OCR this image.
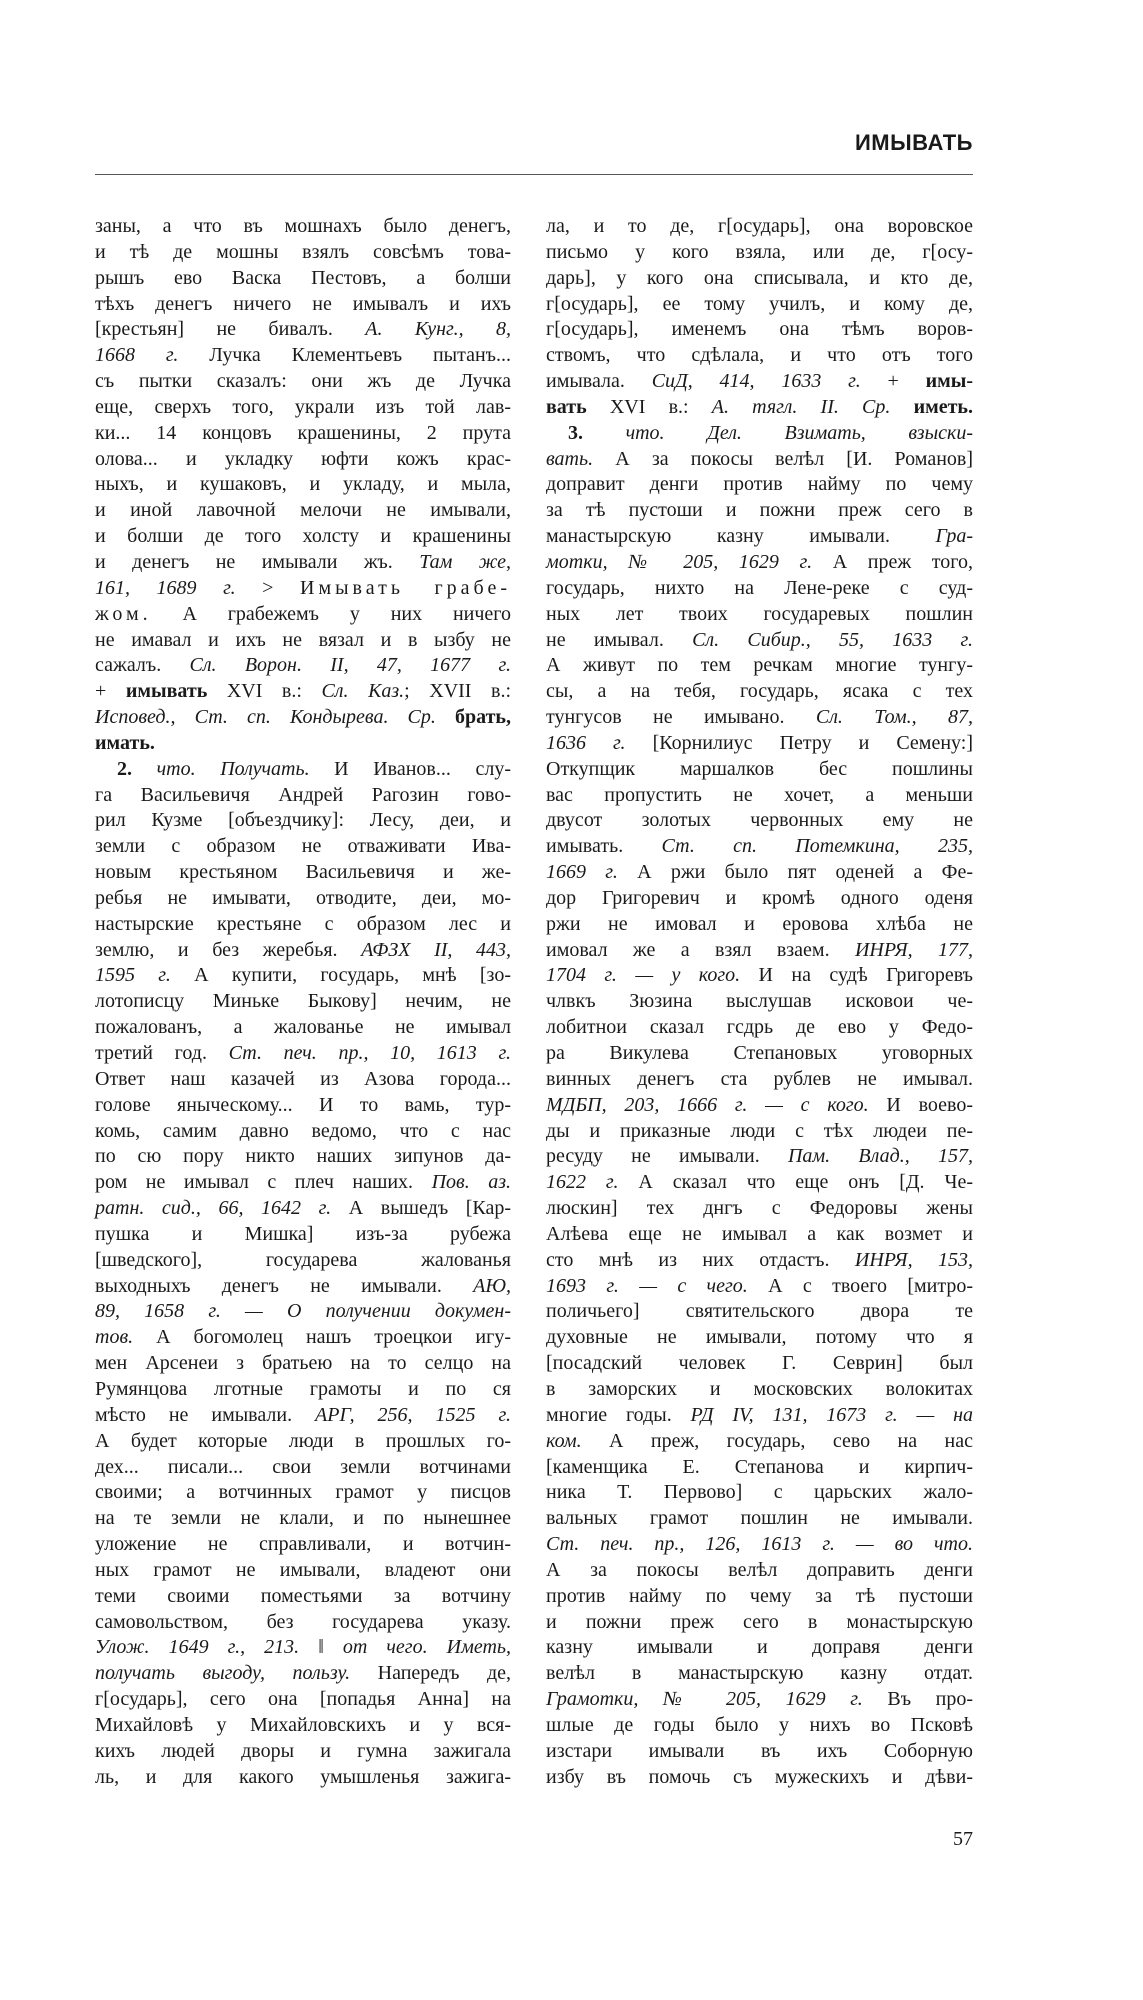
ИМЫВАТЬ
заны, а что въ мошнахъ было денегъ,
и тѣ де мошны взялъ совсѣмъ това-
рышъ ево Васка Пестовъ, а болши
тѣхъ денегъ ничего не имывалъ и ихъ
[крестьян] не бивалъ. А. Кунг., 8,
1668 г. Лучка Клементьевъ пытанъ...
съ пытки сказалъ: они жъ де Лучка
еще, сверхъ того, украли изъ той лав-
ки... 14 концовъ крашенины, 2 прута
олова... и укладку юфти кожъ крас-
ныхъ, и кушаковъ, и укладу, и мыла,
и иной лавочной мелочи не имывали,
и болши де того холсту и крашенины
и денегъ не имывали жъ. Там же,
161, 1689 г. > Имывать грабе-
жом. А грабежемъ у них ничего
не имавал и ихъ не вязал и в ызбу не
сажалъ. Сл. Ворон. II, 47, 1677 г.
+ имывать XVI в.: Сл. Каз.; XVII в.:
Исповед., Ст. сп. Кондырева. Ср. брать,
имать.
2. что. Получать. И Иванов... слу-
га Васильевичя Андрей Рагозин гово-
рил Кузме [объездчику]: Лесу, деи, и
земли с образом не отваживати Ива-
новым крестьяном Васильевичя и же-
ребья не имывати, отводите, деи, мо-
настырские крестьяне с образом лес и
землю, и без жеребья. АФЗХ II, 443,
1595 г. А купити, государь, мнѣ [зо-
лотописцу Миньке Быкову] нечим, не
пожалованъ, а жалованье не имывал
третий год. Ст. печ. пр., 10, 1613 г.
Ответ наш казачей из Азова города...
голове яныческому... И то вамь, тур-
комь, самим давно ведомо, что с нас
по сю пору никто наших зипунов да-
ром не имывал с плеч наших. Пов. аз.
ратн. сид., 66, 1642 г. А вышедъ [Кар-
пушка и Мишка] изъ-за рубежа
[шведского], государева жалованья
выходныхъ денегъ не имывали. АЮ,
89, 1658 г. — О получении докумен-
тов. А богомолец нашъ троецкои игу-
мен Арсенеи з братьею на то селцо на
Румянцова лготные грамоты и по ся
мѣсто не имывали. АРГ, 256, 1525 г.
А будет которые люди в прошлых го-
дех... писали... свои земли вотчинами
своими; а вотчинных грамот у писцов
на те земли не клали, и по нынешнее
уложение не справливали, и вотчин-
ных грамот не имывали, владеют они
теми своими поместьями за вотчину
самовольством, без государева указу.
Улож. 1649 г., 213. ‖ от чего. Иметь,
получать выгоду, пользу. Напередъ де,
г[осударь], сего она [попадья Анна] на
Михайловѣ у Михайловскихъ и у вся-
кихъ людей дворы и гумна зажигала
ль, и для какого умышленья зажига-
ла, и то де, г[осударь], она воровское
письмо у кого взяла, или де, г[осу-
дарь], у кого она списывала, и кто де,
г[осударь], ее тому училъ, и кому де,
г[осударь], именемъ она тѣмъ воров-
ствомъ, что сдѣлала, и что отъ того
имывала. СиД, 414, 1633 г. + имы-
вать XVI в.: А. тягл. II. Ср. иметь.
3. что. Дел. Взимать, взыски-
вать. А за покосы велѣл [И. Романов]
доправит денги против найму по чему
за тѣ пустоши и пожни преж сего в
манастырскую казну имывали. Гра-
мотки, № 205, 1629 г. А преж того,
государь, нихто на Лене-реке с суд-
ных лет твоих государевых пошлин
не имывал. Сл. Сибир., 55, 1633 г.
А живут по тем речкам многие тунгу-
сы, а на тебя, государь, ясака с тех
тунгусов не имывано. Сл. Том., 87,
1636 г. [Корнилиус Петру и Семену:]
Откупщик маршалков бес пошлины
вас пропустить не хочет, а меньши
двусот золотых червонных ему не
имывать. Ст. сп. Потемкина, 235,
1669 г. А ржи было пят оденей а Фе-
дор Григоревич и кромѣ одного оденя
ржи не имовал и еровова хлѣба не
имовал же а взял взаем. ИНРЯ, 177,
1704 г. — у кого. И на судѣ Григоревъ
члвкъ Зюзина выслушав исковои че-
лобитнои сказал гсдрь де ево у Федо-
ра Викулева Степановых уговорных
винных денегъ ста рублев не имывал.
МДБП, 203, 1666 г. — с кого. И воево-
ды и приказные люди с тѣх людеи пе-
ресуду не имывали. Пам. Влад., 157,
1622 г. А сказал что еще онъ [Д. Че-
люскин] тех днгъ с Федоровы жены
Алѣева еще не имывал а как возмет и
сто мнѣ из них отдастъ. ИНРЯ, 153,
1693 г. — с чего. А с твоего [митро-
поличьего] святительского двора те
духовные не имывали, потому что я
[посадский человек Г. Севрин] был
в заморских и московских волокитах
многие годы. РД IV, 131, 1673 г. — на
ком. А преж, государь, сево на нас
[каменщика Е. Степанова и кирпич-
ника Т. Первово] с царьских жало-
вальных грамот пошлин не имывали.
Ст. печ. пр., 126, 1613 г. — во что.
А за покосы велѣл доправить денги
против найму по чему за тѣ пустоши
и пожни преж сего в монастырскую
казну имывали и доправя денги
велѣл в манастырскую казну отдат.
Грамотки, № 205, 1629 г. Въ про-
шлые де годы было у нихъ во Псковѣ
изстари имывали въ ихъ Соборную
избу въ помочь съ мужескихъ и дѣви-
57
